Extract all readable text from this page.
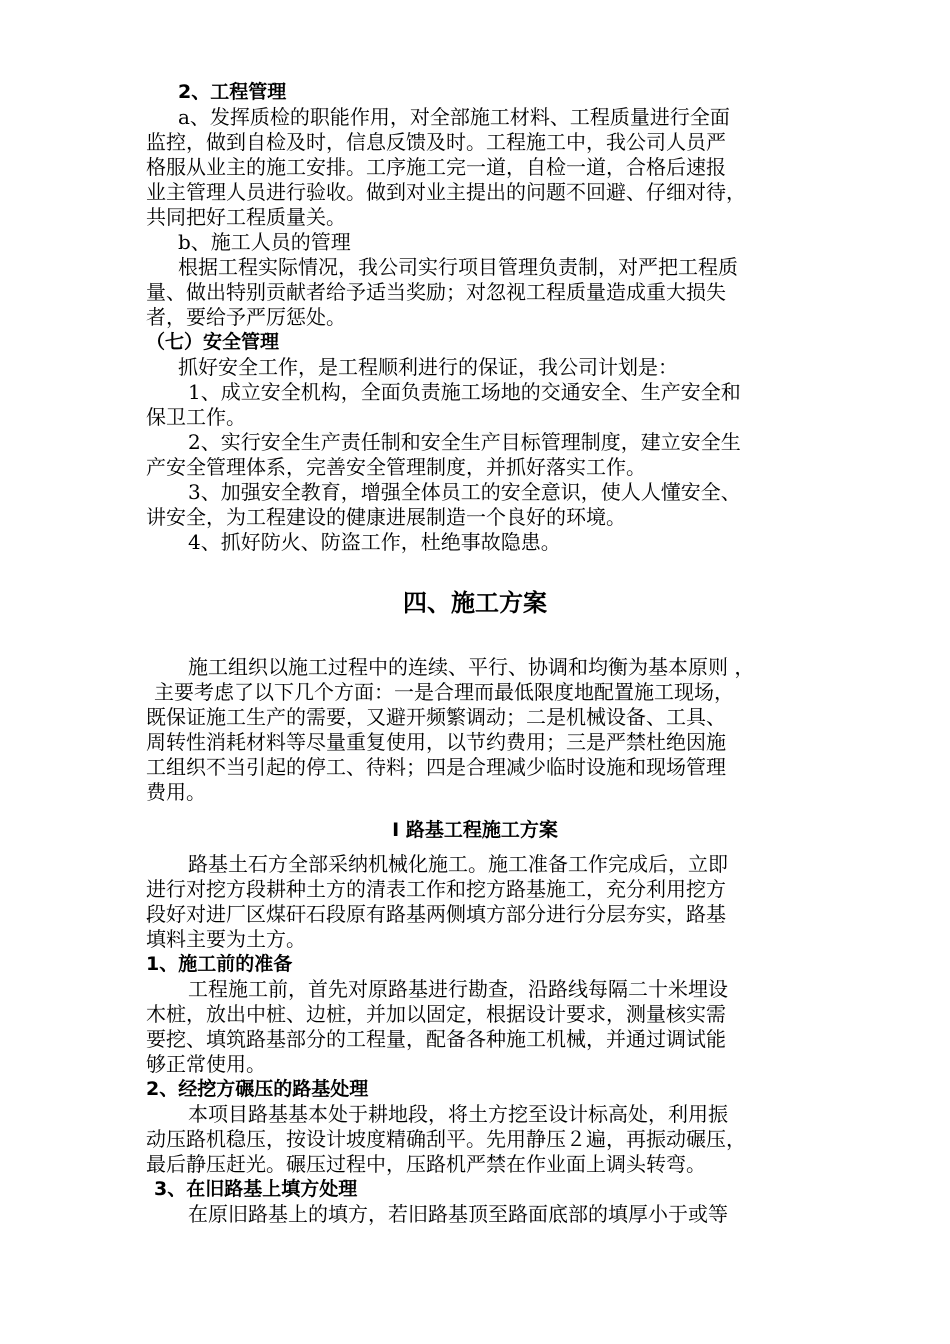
2、工程管理
a、发挥质检的职能作用，对全部施工材料、工程质量进行全面
监控，做到自检及时，信息反馈及时。工程施工中，我公司人员严
格服从业主的施工安排。工序施工完一道，自检一道，合格后速报
业主管理人员进行验收。做到对业主提出的问题不回避、仔细对待，
共同把好工程质量关。
b、施工人员的管理
根据工程实际情况，我公司实行项目管理负责制，对严把工程质
量、做出特别贡献者给予适当奖励；对忽视工程质量造成重大损失
者，要给予严厉惩处。
（七）安全管理
抓好安全工作，是工程顺利进行的保证，我公司计划是：
1、成立安全机构，全面负责施工场地的交通安全、生产安全和
保卫工作。
2、实行安全生产责任制和安全生产目标管理制度，建立安全生
产安全管理体系，完善安全管理制度，并抓好落实工作。
3、加强安全教育，增强全体员工的安全意识，使人人懂安全、
讲安全，为工程建设的健康进展制造一个良好的环境。
4、抓好防火、防盗工作，杜绝事故隐患。
四、施工方案
施工组织以施工过程中的连续、平行、协调和均衡为基本原则 ，
主要考虑了以下几个方面：一是合理而最低限度地配置施工现场，
既保证施工生产的需要，又避开频繁调动；二是机械设备、工具、
周转性消耗材料等尽量重复使用，以节约费用；三是严禁杜绝因施
工组织不当引起的停工、待料；四是合理减少临时设施和现场管理
费用。
I 路基工程施工方案
路基土石方全部采纳机械化施工。施工准备工作完成后，立即
进行对挖方段耕种土方的清表工作和挖方路基施工，充分利用挖方
段好对进厂区煤矸石段原有路基两侧填方部分进行分层夯实，路基
填料主要为土方。
1、施工前的准备
工程施工前，首先对原路基进行勘查，沿路线每隔二十米埋设
木桩，放出中桩、边桩，并加以固定，根据设计要求，测量核实需
要挖、填筑路基部分的工程量，配备各种施工机械，并通过调试能
够正常使用。
2、经挖方碾压的路基处理
本项目路基基本处于耕地段，将土方挖至设计标高处，利用振
动压路机稳压，按设计坡度精确刮平。先用静压２遍，再振动碾压，
最后静压赶光。碾压过程中，压路机严禁在作业面上调头转弯。
3、在旧路基上填方处理
在原旧路基上的填方，若旧路基顶至路面底部的填厚小于或等
